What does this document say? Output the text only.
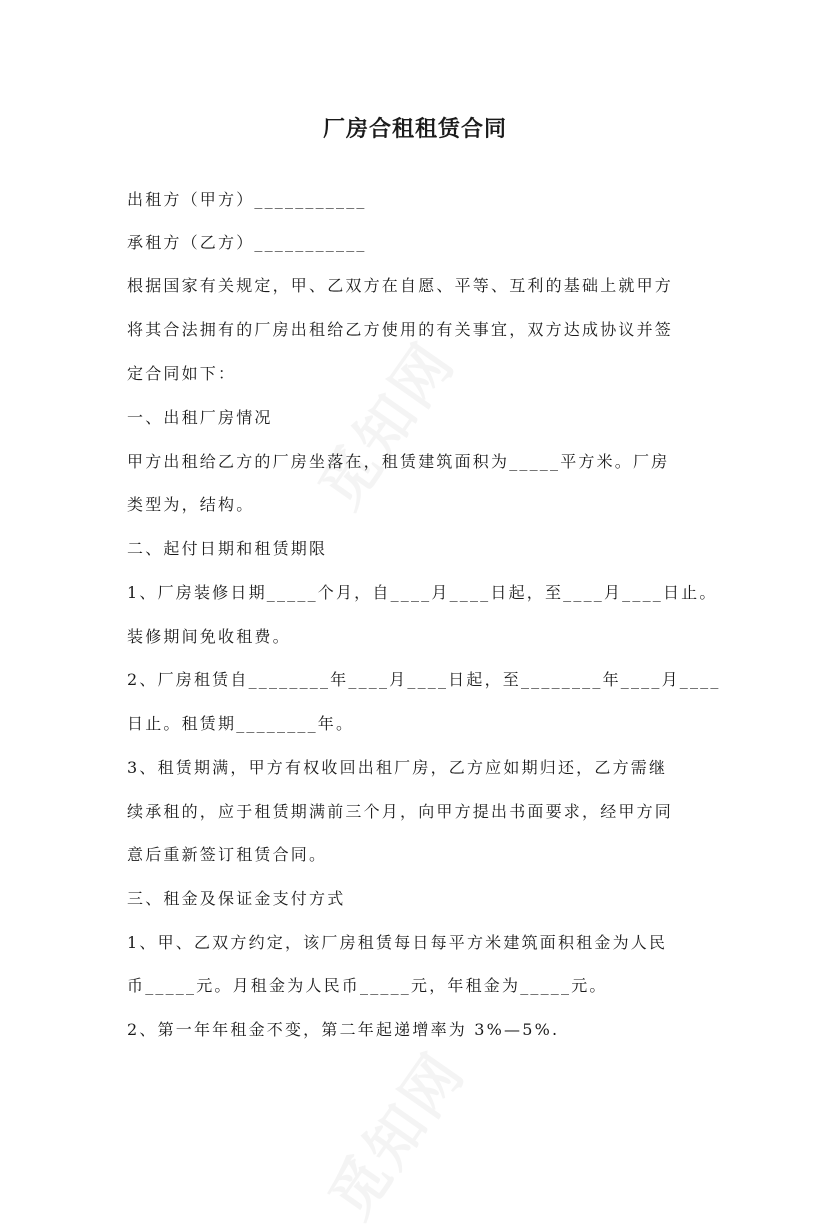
厂房合租租赁合同
出租方（甲方）___________
承租方（乙方）___________
根据国家有关规定，甲、乙双方在自愿、平等、互利的基础上就甲方
将其合法拥有的厂房出租给乙方使用的有关事宜，双方达成协议并签
定合同如下：
一、出租厂房情况
甲方出租给乙方的厂房坐落在，租赁建筑面积为_____平方米。厂房
类型为，结构。
二、起付日期和租赁期限
1、厂房装修日期_____个月，自____月____日起，至____月____日止。
装修期间免收租费。
2、厂房租赁自________年____月____日起，至________年____月____
日止。租赁期________年。
3、租赁期满，甲方有权收回出租厂房，乙方应如期归还，乙方需继
续承租的，应于租赁期满前三个月，向甲方提出书面要求，经甲方同
意后重新签订租赁合同。
三、租金及保证金支付方式
1、甲、乙双方约定，该厂房租赁每日每平方米建筑面积租金为人民
币_____元。月租金为人民币_____元，年租金为_____元。
2、第一年年租金不变，第二年起递增率为 3%—5%.
